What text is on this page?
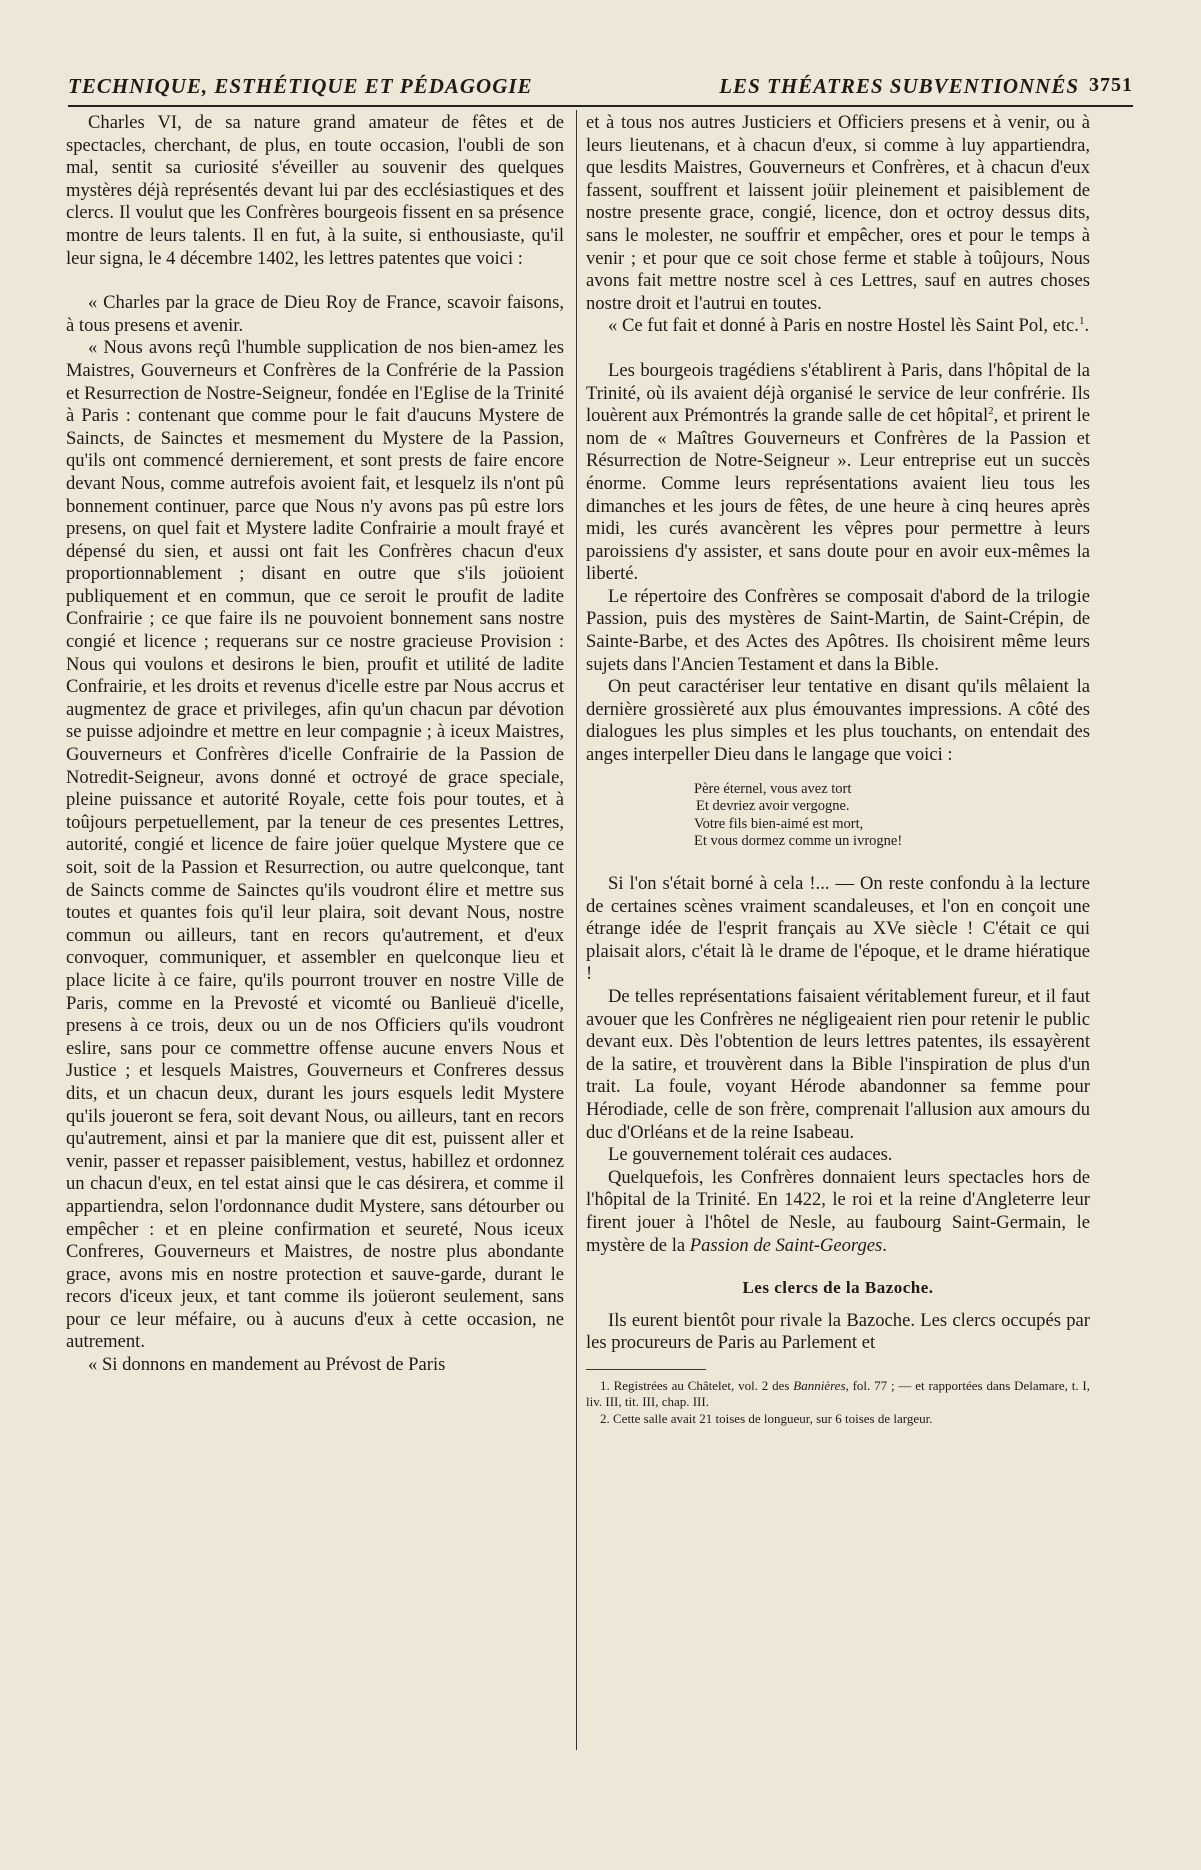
TECHNIQUE, ESTHÉTIQUE ET PÉDAGOGIE	LES THÉATRES SUBVENTIONNÉS 3751

Charles VI, de sa nature grand amateur de fêtes et de spectacles, cherchant, de plus, en toute occasion, l'oubli de son mal, sentit sa curiosité s'éveiller au souvenir des quelques mystères déjà représentés devant lui par des ecclésiastiques et des clercs. Il voulut que les Confrères bourgeois fissent en sa présence montre de leurs talents. Il en fut, à la suite, si enthousiaste, qu'il leur signa, le 4 décembre 1402, les lettres patentes que voici :

« Charles par la grace de Dieu Roy de France, scavoir faisons, à tous presens et avenir.

« Nous avons reçû l'humble supplication de nos bien-amez les Maistres, Gouverneurs et Confrères de la Confrérie de la Passion et Resurrection de Nostre-Seigneur, fondée en l'Eglise de la Trinité à Paris : contenant que comme pour le fait d'aucuns Mystere de Saincts, de Sainctes et mesmement du Mystere de la Passion, qu'ils ont commencé dernierement, et sont prests de faire encore devant Nous, comme autrefois avoient fait, et lesquelz ils n'ont pû bonnement continuer, parce que Nous n'y avons pas pû estre lors presens, on quel fait et Mystere ladite Confrairie a moult frayé et dépensé du sien, et aussi ont fait les Confrères chacun d'eux proportionnablement ; disant en outre que s'ils joüoient publiquement et en commun, que ce seroit le proufit de ladite Confrairie ; ce que faire ils ne pouvoient bonnement sans nostre congié et licence ; requerans sur ce nostre gracieuse Provision : Nous qui voulons et desirons le bien, proufit et utilité de ladite Confrairie, et les droits et revenus d'icelle estre par Nous accrus et augmentez de grace et privileges, afin qu'un chacun par dévotion se puisse adjoindre et mettre en leur compagnie ; à iceux Maistres, Gouverneurs et Confrères d'icelle Confrairie de la Passion de Notredit-Seigneur, avons donné et octroyé de grace speciale, pleine puissance et autorité Royale, cette fois pour toutes, et à toûjours perpetuellement, par la teneur de ces presentes Lettres, autorité, congié et licence de faire joüer quelque Mystere que ce soit, soit de la Passion et Resurrection, ou autre quelconque, tant de Saincts comme de Sainctes qu'ils voudront élire et mettre sus toutes et quantes fois qu'il leur plaira, soit devant Nous, nostre commun ou ailleurs, tant en recors qu'autrement, et d'eux convoquer, communiquer, et assembler en quelconque lieu et place licite à ce faire, qu'ils pourront trouver en nostre Ville de Paris, comme en la Prevosté et vicomté ou Banlieuë d'icelle, presens à ce trois, deux ou un de nos Officiers qu'ils voudront eslire, sans pour ce commettre offense aucune envers Nous et Justice ; et lesquels Maistres, Gouverneurs et Confreres dessus dits, et un chacun deux, durant les jours esquels ledit Mystere qu'ils joueront se fera, soit devant Nous, ou ailleurs, tant en recors qu'autrement, ainsi et par la maniere que dit est, puissent aller et venir, passer et repasser paisiblement, vestus, habillez et ordonnez un chacun d'eux, en tel estat ainsi que le cas désirera, et comme il appartiendra, selon l'ordonnance dudit Mystere, sans détourber ou empêcher : et en pleine confirmation et seureté, Nous iceux Confreres, Gouverneurs et Maistres, de nostre plus abondante grace, avons mis en nostre protection et sauve-garde, durant le recors d'iceux jeux, et tant comme ils joüeront seulement, sans pour ce leur méfaire, ou à aucuns d'eux à cette occasion, ne autrement.

« Si donnons en mandement au Prévost de Paris

et à tous nos autres Justiciers et Officiers presens et à venir, ou à leurs lieutenans, et à chacun d'eux, si comme à luy appartiendra, que lesdits Maistres, Gouverneurs et Confrères, et à chacun d'eux fassent, souffrent et laissent joüir pleinement et paisiblement de nostre presente grace, congié, licence, don et octroy dessus dits, sans le molester, ne souffrir et empêcher, ores et pour le temps à venir ; et pour que ce soit chose ferme et stable à toûjours, Nous avons fait mettre nostre scel à ces Lettres, sauf en autres choses nostre droit et l'autrui en toutes.

« Ce fut fait et donné à Paris en nostre Hostel lès Saint Pol, etc.$^1$.

Les bourgeois tragédiens s'établirent à Paris, dans l'hôpital de la Trinité, où ils avaient déjà organisé le service de leur confrérie. Ils louèrent aux Prémontrés la grande salle de cet hôpital$^2$, et prirent le nom de « Maîtres Gouverneurs et Confrères de la Passion et Résurrection de Notre-Seigneur ». Leur entreprise eut un succès énorme. Comme leurs représentations avaient lieu tous les dimanches et les jours de fêtes, de une heure à cinq heures après midi, les curés avancèrent les vêpres pour permettre à leurs paroissiens d'y assister, et sans doute pour en avoir eux-mêmes la liberté.

Le répertoire des Confrères se composait d'abord de la trilogie Passion, puis des mystères de Saint-Martin, de Saint-Crépin, de Sainte-Barbe, et des Actes des Apôtres. Ils choisirent même leurs sujets dans l'Ancien Testament et dans la Bible.

On peut caractériser leur tentative en disant qu'ils mêlaient la dernière grossièreté aux plus émouvantes impressions. A côté des dialogues les plus simples et les plus touchants, on entendait des anges interpeller Dieu dans le langage que voici :

Père éternel, vous avez tort
Et devriez avoir vergogne.
Votre fils bien-aimé est mort,
Et vous dormez comme un ivrogne!

Si l'on s'était borné à cela !... — On reste confondu à la lecture de certaines scènes vraiment scandaleuses, et l'on en conçoit une étrange idée de l'esprit français au XVe siècle ! C'était ce qui plaisait alors, c'était là le drame de l'époque, et le drame hiératique !

De telles représentations faisaient véritablement fureur, et il faut avouer que les Confrères ne négligeaient rien pour retenir le public devant eux. Dès l'obtention de leurs lettres patentes, ils essayèrent de la satire, et trouvèrent dans la Bible l'inspiration de plus d'un trait. La foule, voyant Hérode abandonner sa femme pour Hérodiade, celle de son frère, comprenait l'allusion aux amours du duc d'Orléans et de la reine Isabeau.

Le gouvernement tolérait ces audaces.

Quelquefois, les Confrères donnaient leurs spectacles hors de l'hôpital de la Trinité. En 1422, le roi et la reine d'Angleterre leur firent jouer à l'hôtel de Nesle, au faubourg Saint-Germain, le mystère de la Passion de Saint-Georges.

Les clercs de la Bazoche.

Ils eurent bientôt pour rivale la Bazoche. Les clercs occupés par les procureurs de Paris au Parlement et

1. Registrées au Châtelet, vol. 2 des Bannières, fol. 77 ; — et rapportées dans Delamare, t. I, liv. III, tit. III, chap. III.

2. Cette salle avait 21 toises de longueur, sur 6 toises de largeur.
